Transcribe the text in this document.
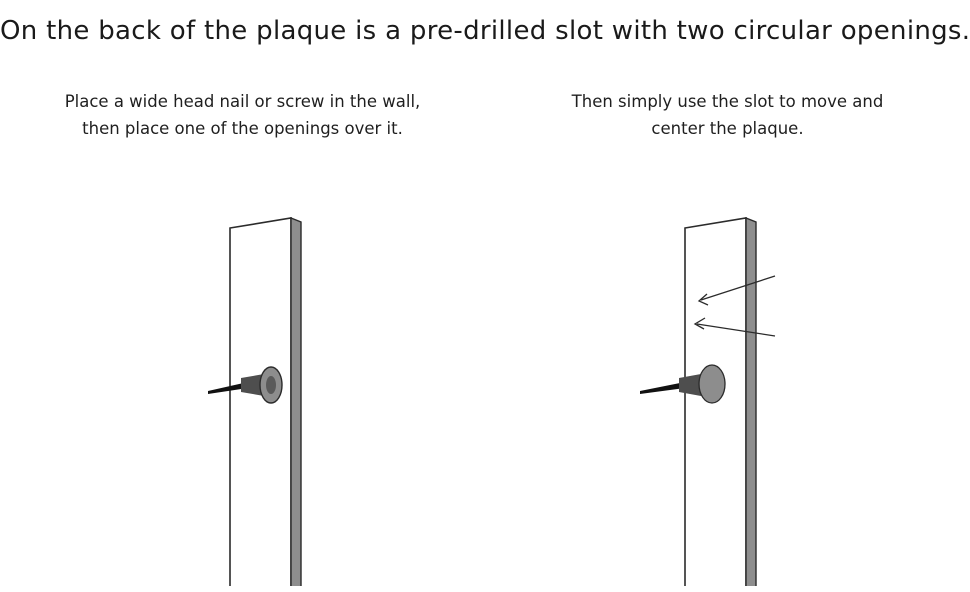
On the back of the plaque is a pre-drilled slot with two circular openings.
Place a wide head nail or screw in the wall,
then place one of the openings over it.
Then simply use the slot to move and
center the plaque.
